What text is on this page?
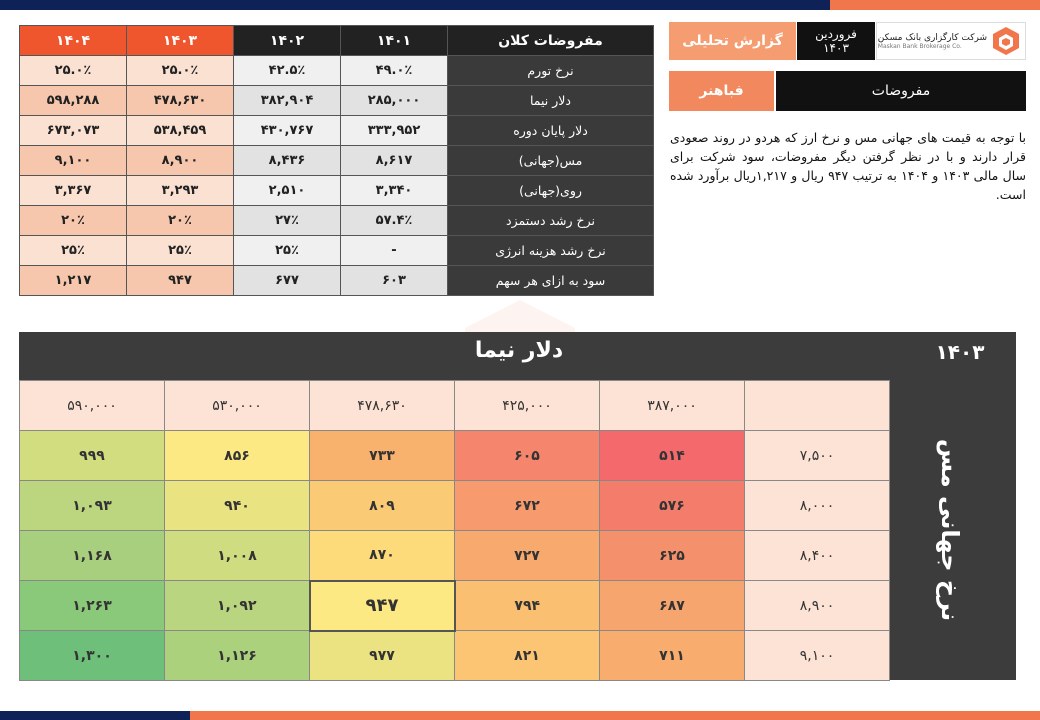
شرکت کارگزاری بانک مسکن
Maskan Bank Brokerage Co.
فروردین
۱۴۰۳
گزارش تحلیلی
مفروضات
فباهنر
با توجه به قیمت های جهانی مس و نرخ ارز که هردو در روند صعودی قرار دارند و با در نظر گرفتن دیگر مفروضات، سود شرکت برای سال مالی ۱۴۰۳ و ۱۴۰۴ به ترتیب ۹۴۷ ریال و ۱,۲۱۷ریال برآورد شده است.
مفروضات کلان	۱۴۰۱	۱۴۰۲	۱۴۰۳	۱۴۰۴
نرخ تورم	۴۹.۰٪	۴۲.۵٪	۲۵.۰٪	۲۵.۰٪
دلار نیما	۲۸۵,۰۰۰	۳۸۲,۹۰۴	۴۷۸,۶۳۰	۵۹۸,۲۸۸
دلار پایان دوره	۳۳۳,۹۵۲	۴۳۰,۷۶۷	۵۳۸,۴۵۹	۶۷۳,۰۷۳
مس(جهانی)	۸,۶۱۷	۸,۴۳۶	۸,۹۰۰	۹,۱۰۰
روی(جهانی)	۳,۳۴۰	۲,۵۱۰	۳,۲۹۳	۳,۳۶۷
نرخ رشد دستمزد	۵۷.۴٪	۲۷٪	۲۰٪	۲۰٪
نرخ رشد هزینه انرژی	-	۲۵٪	۲۵٪	۲۵٪
سود به ازای هر سهم	۶۰۳	۶۷۷	۹۴۷	۱,۲۱۷
دلار نیما	۱۴۰۳
نرخ جهانی مس
	۳۸۷,۰۰۰	۴۲۵,۰۰۰	۴۷۸,۶۳۰	۵۳۰,۰۰۰	۵۹۰,۰۰۰
۷,۵۰۰	۵۱۴	۶۰۵	۷۳۳	۸۵۶	۹۹۹
۸,۰۰۰	۵۷۶	۶۷۲	۸۰۹	۹۴۰	۱,۰۹۳
۸,۴۰۰	۶۲۵	۷۲۷	۸۷۰	۱,۰۰۸	۱,۱۶۸
۸,۹۰۰	۶۸۷	۷۹۴	۹۴۷	۱,۰۹۲	۱,۲۶۳
۹,۱۰۰	۷۱۱	۸۲۱	۹۷۷	۱,۱۲۶	۱,۳۰۰
